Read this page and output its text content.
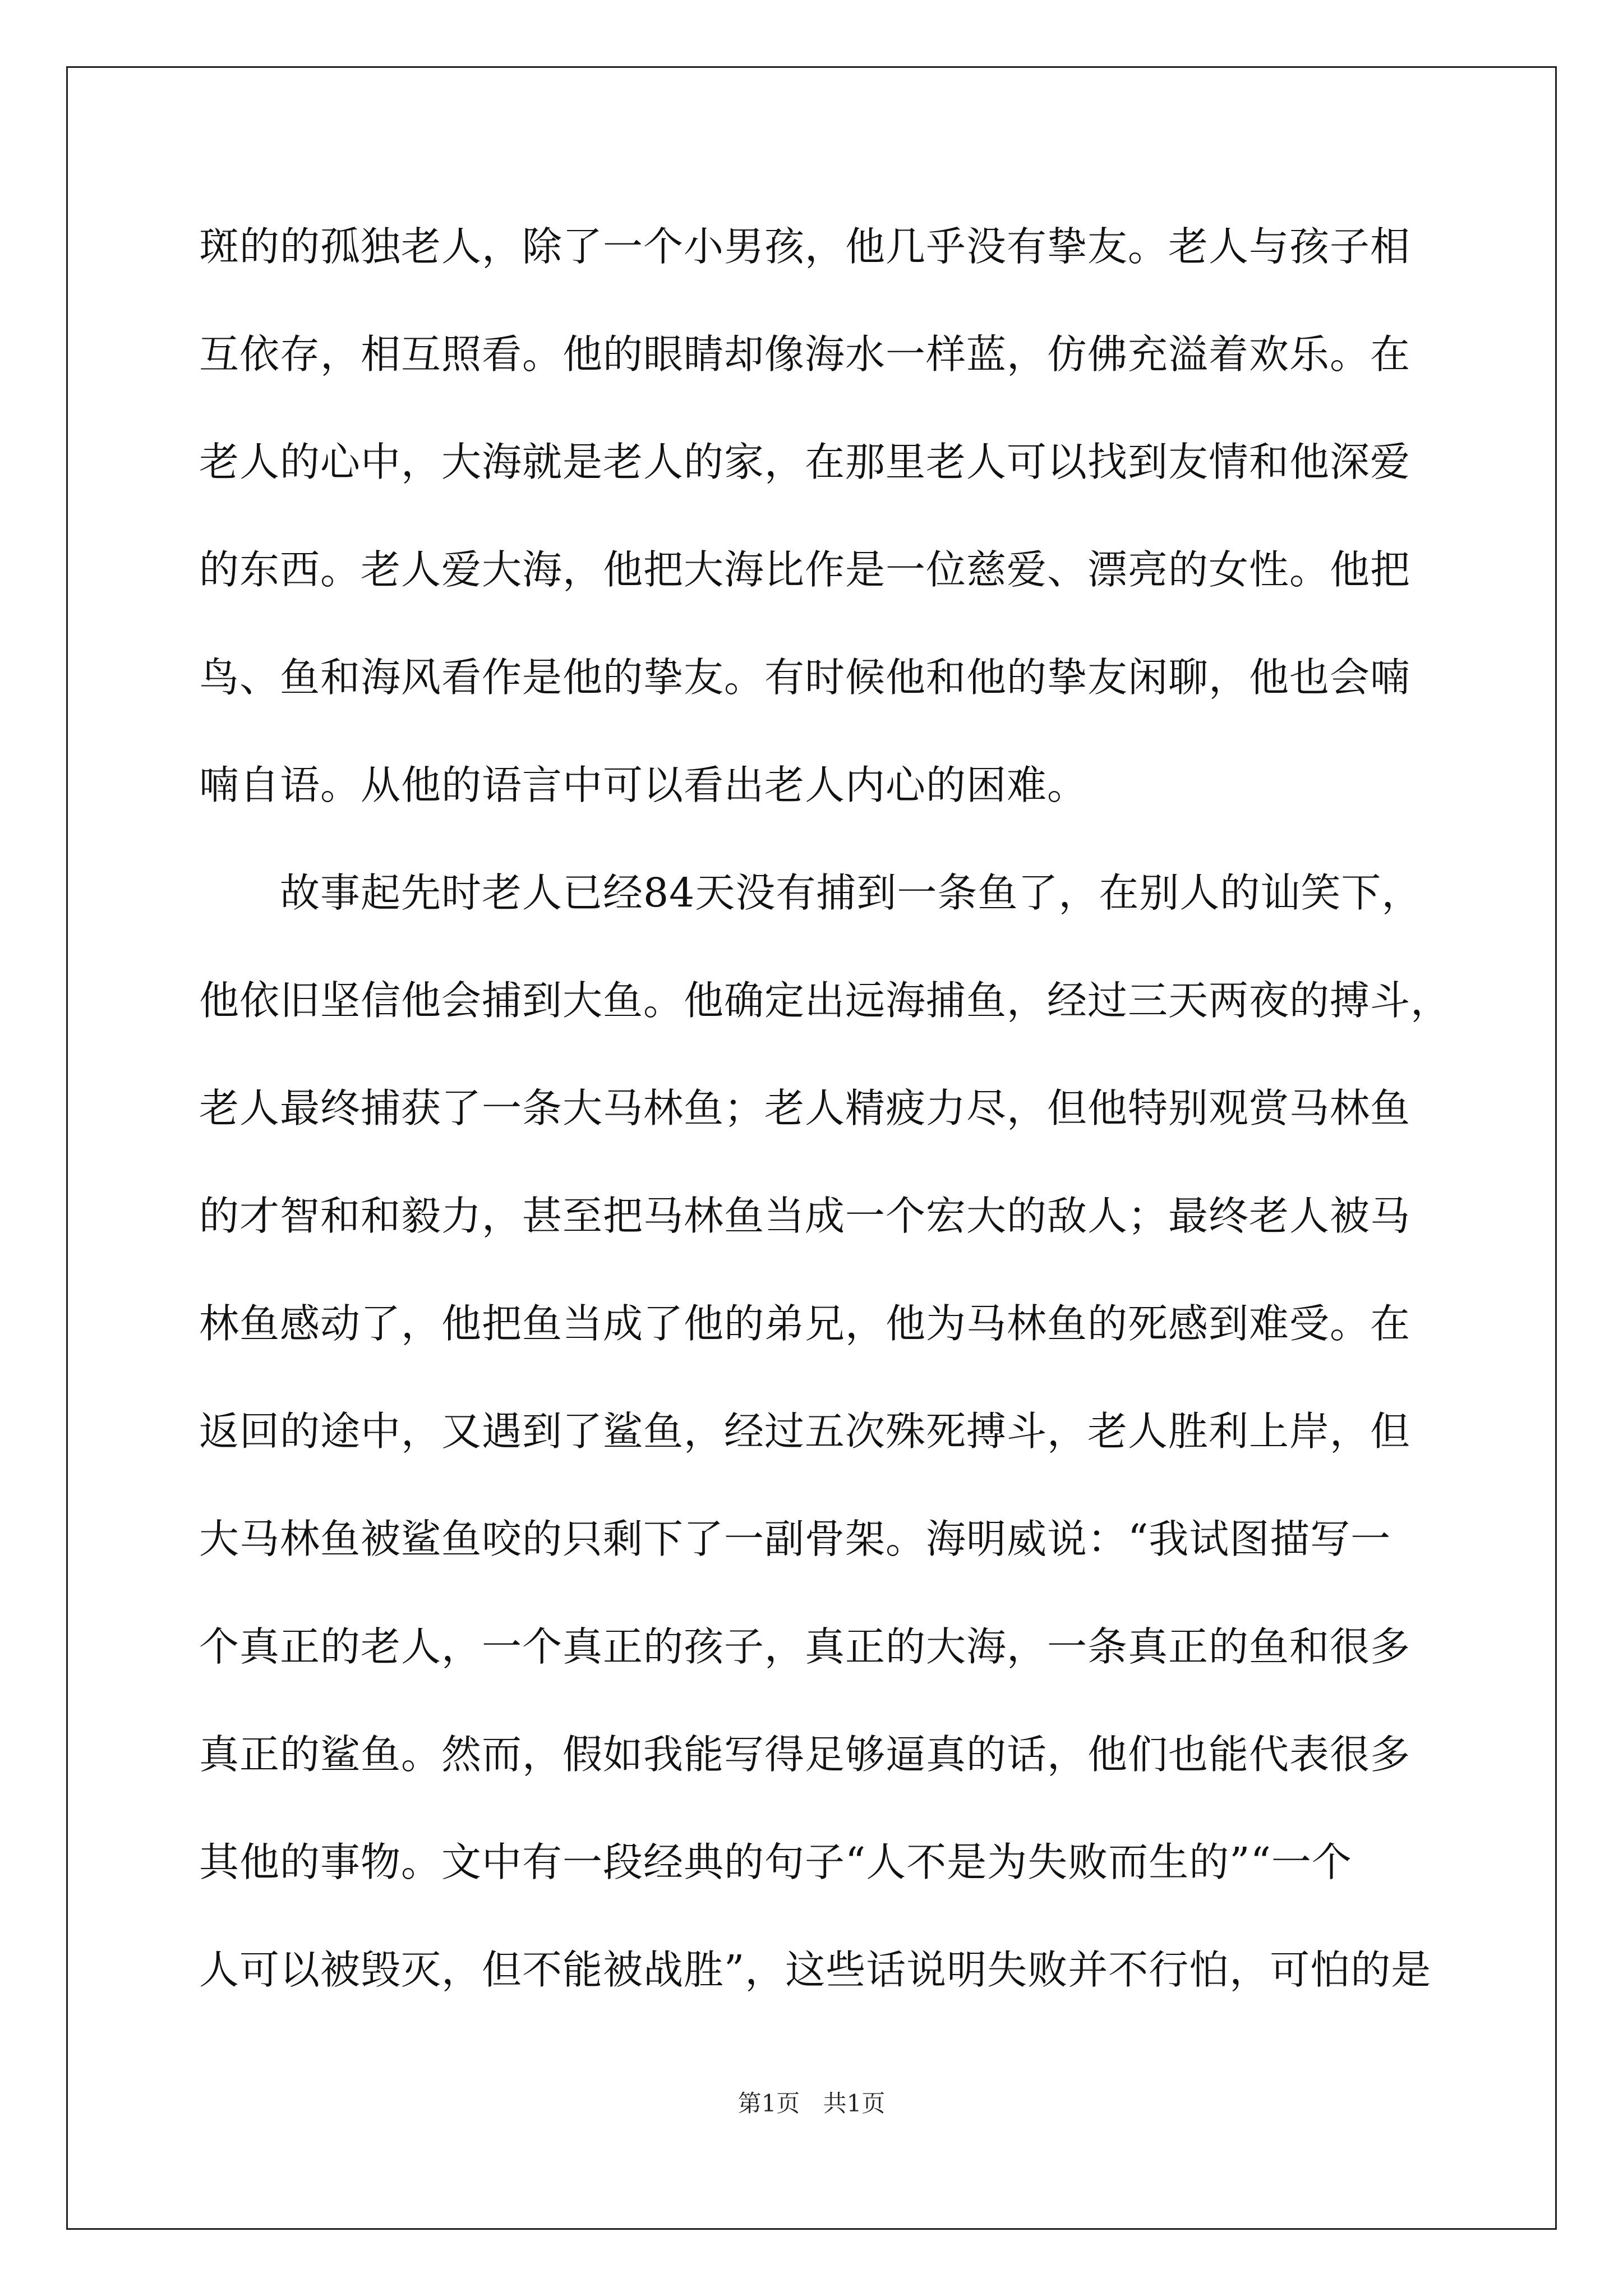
斑的的孤独老人，除了一个小男孩，他几乎没有挚友。老人与孩子相
互依存，相互照看。他的眼睛却像海水一样蓝，仿佛充溢着欢乐。在
老人的心中，大海就是老人的家，在那里老人可以找到友情和他深爱
的东西。老人爱大海，他把大海比作是一位慈爱、漂亮的女性。他把
鸟、鱼和海风看作是他的挚友。有时候他和他的挚友闲聊，他也会喃
喃自语。从他的语言中可以看出老人内心的困难。
　　故事起先时老人已经84天没有捕到一条鱼了，在别人的讪笑下，
他依旧坚信他会捕到大鱼。他确定出远海捕鱼，经过三天两夜的搏斗，
老人最终捕获了一条大马林鱼；老人精疲力尽，但他特别观赏马林鱼
的才智和和毅力，甚至把马林鱼当成一个宏大的敌人；最终老人被马
林鱼感动了，他把鱼当成了他的弟兄，他为马林鱼的死感到难受。在
返回的途中，又遇到了鲨鱼，经过五次殊死搏斗，老人胜利上岸，但
大马林鱼被鲨鱼咬的只剩下了一副骨架。海明威说：“我试图描写一
个真正的老人，一个真正的孩子，真正的大海，一条真正的鱼和很多
真正的鲨鱼。然而，假如我能写得足够逼真的话，他们也能代表很多
其他的事物。文中有一段经典的句子“人不是为失败而生的”“一个
人可以被毁灭，但不能被战胜”，这些话说明失败并不行怕，可怕的是
第1页 共1页
